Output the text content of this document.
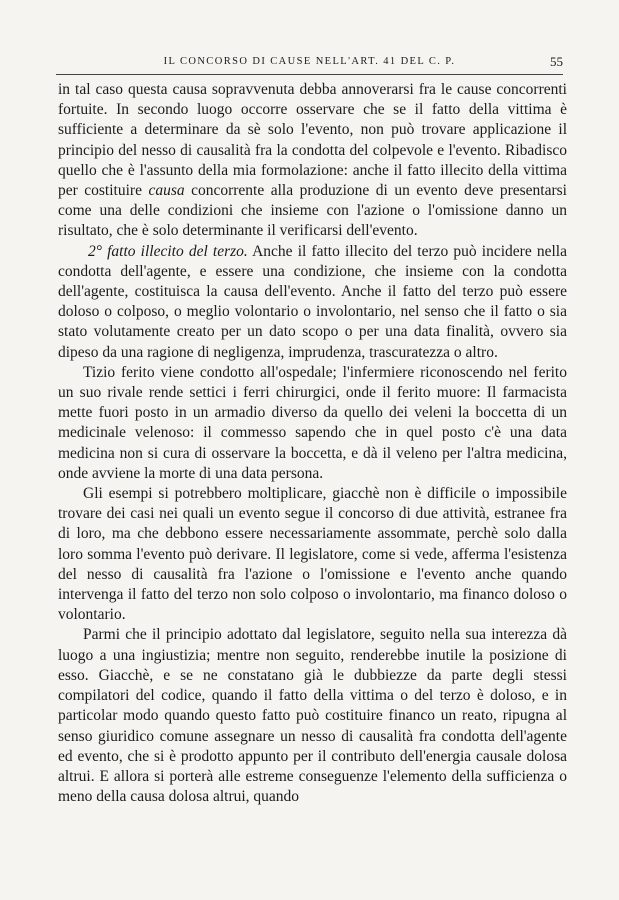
IL CONCORSO DI CAUSE NELL'ART. 41 DEL C. P.	55

in tal caso questa causa sopravvenuta debba annoverarsi fra le cause concorrenti fortuite. In secondo luogo occorre osservare che se il fatto della vittima è sufficiente a determinare da sè solo l'evento, non può trovare applicazione il principio del nesso di causalità fra la condotta del colpevole e l'evento. Ribadisco quello che è l'assunto della mia formolazione: anche il fatto illecito della vittima per costituire causa concorrente alla produzione di un evento deve presentarsi come una delle condizioni che insieme con l'azione o l'omissione danno un risultato, che è solo determinante il verificarsi dell'evento.

2° fatto illecito del terzo. Anche il fatto illecito del terzo può incidere nella condotta dell'agente, e essere una condizione, che insieme con la condotta dell'agente, costituisca la causa dell'evento. Anche il fatto del terzo può essere doloso o colposo, o meglio volontario o involontario, nel senso che il fatto o sia stato volutamente creato per un dato scopo o per una data finalità, ovvero sia dipeso da una ragione di negligenza, imprudenza, trascuratezza o altro.

Tizio ferito viene condotto all'ospedale; l'infermiere riconoscendo nel ferito un suo rivale rende settici i ferri chirurgici, onde il ferito muore: Il farmacista mette fuori posto in un armadio diverso da quello dei veleni la boccetta di un medicinale velenoso: il commesso sapendo che in quel posto c'è una data medicina non si cura di osservare la boccetta, e dà il veleno per l'altra medicina, onde avviene la morte di una data persona.

Gli esempi si potrebbero moltiplicare, giacchè non è difficile o impossibile trovare dei casi nei quali un evento segue il concorso di due attività, estranee fra di loro, ma che debbono essere necessariamente assommate, perchè solo dalla loro somma l'evento può derivare. Il legislatore, come si vede, afferma l'esistenza del nesso di causalità fra l'azione o l'omissione e l'evento anche quando intervenga il fatto del terzo non solo colposo o involontario, ma financo doloso o volontario.

Parmi che il principio adottato dal legislatore, seguito nella sua interezza dà luogo a una ingiustizia; mentre non seguito, renderebbe inutile la posizione di esso. Giacchè, e se ne constatano già le dubbiezze da parte degli stessi compilatori del codice, quando il fatto della vittima o del terzo è doloso, e in particolar modo quando questo fatto può costituire financo un reato, ripugna al senso giuridico comune assegnare un nesso di causalità fra condotta dell'agente ed evento, che si è prodotto appunto per il contributo dell'energia causale dolosa altrui. E allora si porterà alle estreme conseguenze l'elemento della sufficienza o meno della causa dolosa altrui, quando
